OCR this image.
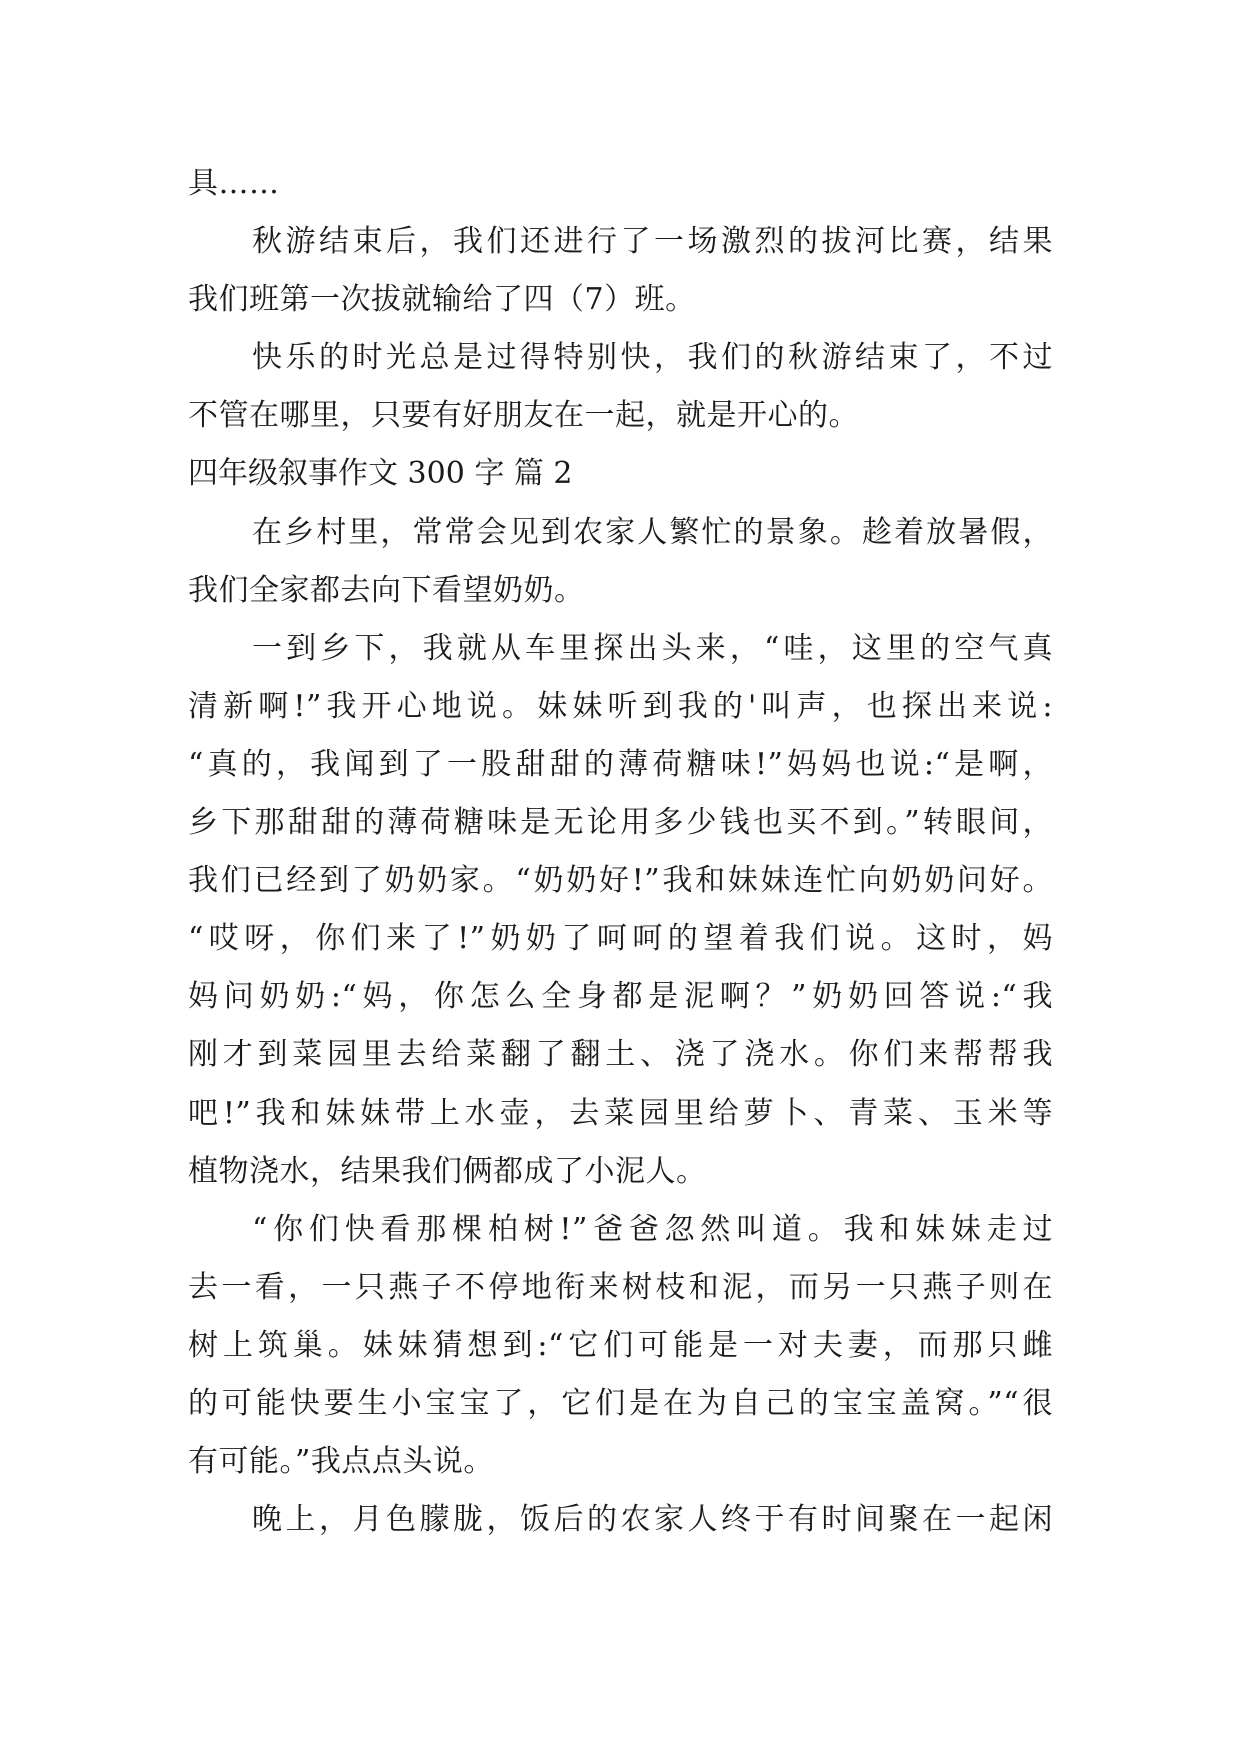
具……
秋游结束后，我们还进行了一场激烈的拔河比赛，结果
我们班第一次拔就输给了四（7）班。
快乐的时光总是过得特别快，我们的秋游结束了，不过
不管在哪里，只要有好朋友在一起，就是开心的。
四年级叙事作文 300 字 篇 2
在乡村里，常常会见到农家人繁忙的景象。趁着放暑假，
我们全家都去向下看望奶奶。
一到乡下，我就从车里探出头来，“哇，这里的空气真
清新啊!”我开心地说。妹妹听到我的'叫声，也探出来说:
“真的，我闻到了一股甜甜的薄荷糖味!”妈妈也说:“是啊，
乡下那甜甜的薄荷糖味是无论用多少钱也买不到。”转眼间，
我们已经到了奶奶家。“奶奶好!”我和妹妹连忙向奶奶问好。
“哎呀，你们来了!”奶奶了呵呵的望着我们说。这时，妈
妈问奶奶:“妈，你怎么全身都是泥啊？”奶奶回答说:“我
刚才到菜园里去给菜翻了翻土、浇了浇水。你们来帮帮我
吧!”我和妹妹带上水壶，去菜园里给萝卜、青菜、玉米等
植物浇水，结果我们俩都成了小泥人。
“你们快看那棵柏树!”爸爸忽然叫道。我和妹妹走过
去一看，一只燕子不停地衔来树枝和泥，而另一只燕子则在
树上筑巢。妹妹猜想到:“它们可能是一对夫妻，而那只雌
的可能快要生小宝宝了，它们是在为自己的宝宝盖窝。”“很
有可能。”我点点头说。
晚上，月色朦胧，饭后的农家人终于有时间聚在一起闲
